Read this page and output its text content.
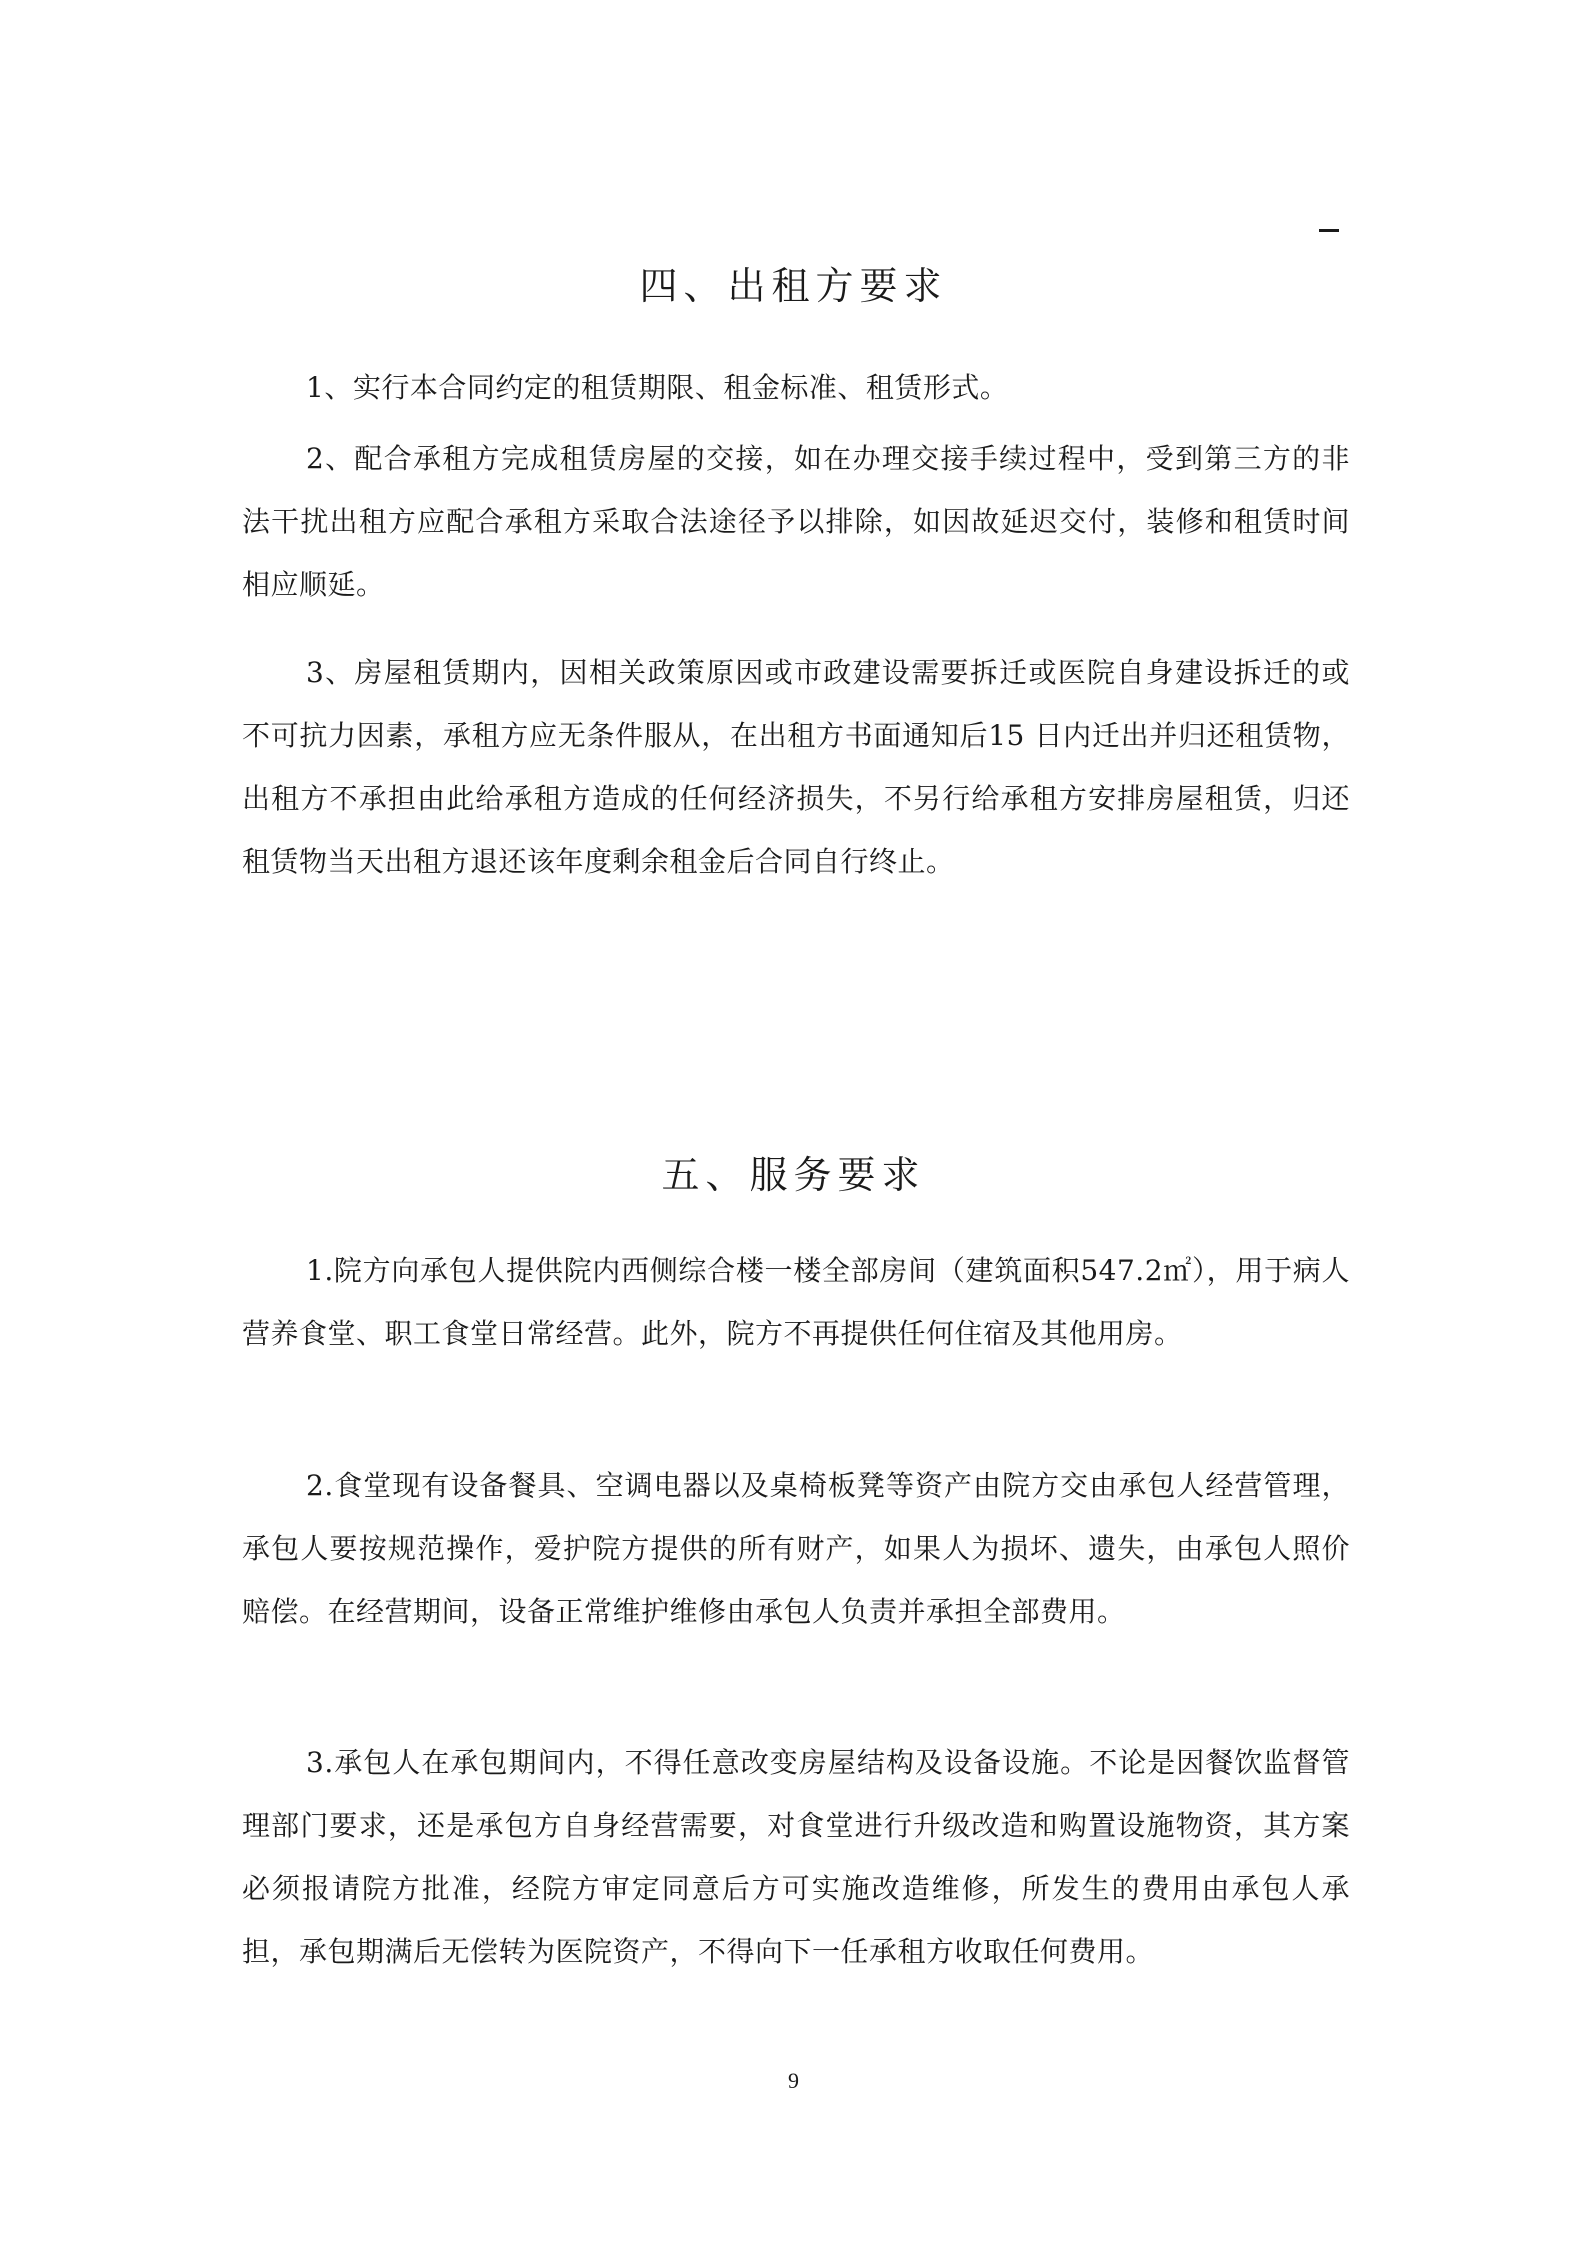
四、出租方要求

1、实行本合同约定的租赁期限、租金标准、租赁形式。

2、配合承租方完成租赁房屋的交接，如在办理交接手续过程中，受到第三方的非法干扰出租方应配合承租方采取合法途径予以排除，如因故延迟交付，装修和租赁时间相应顺延。

3、房屋租赁期内，因相关政策原因或市政建设需要拆迁或医院自身建设拆迁的或不可抗力因素，承租方应无条件服从，在出租方书面通知后15 日内迁出并归还租赁物，出租方不承担由此给承租方造成的任何经济损失，不另行给承租方安排房屋租赁，归还租赁物当天出租方退还该年度剩余租金后合同自行终止。

五、服务要求

1.院方向承包人提供院内西侧综合楼一楼全部房间（建筑面积547.2㎡），用于病人营养食堂、职工食堂日常经营。此外，院方不再提供任何住宿及其他用房。

2.食堂现有设备餐具、空调电器以及桌椅板凳等资产由院方交由承包人经营管理，承包人要按规范操作，爱护院方提供的所有财产，如果人为损坏、遗失，由承包人照价赔偿。在经营期间，设备正常维护维修由承包人负责并承担全部费用。

3.承包人在承包期间内，不得任意改变房屋结构及设备设施。不论是因餐饮监督管理部门要求，还是承包方自身经营需要，对食堂进行升级改造和购置设施物资，其方案必须报请院方批准，经院方审定同意后方可实施改造维修，所发生的费用由承包人承担，承包期满后无偿转为医院资产，不得向下一任承租方收取任何费用。

9
